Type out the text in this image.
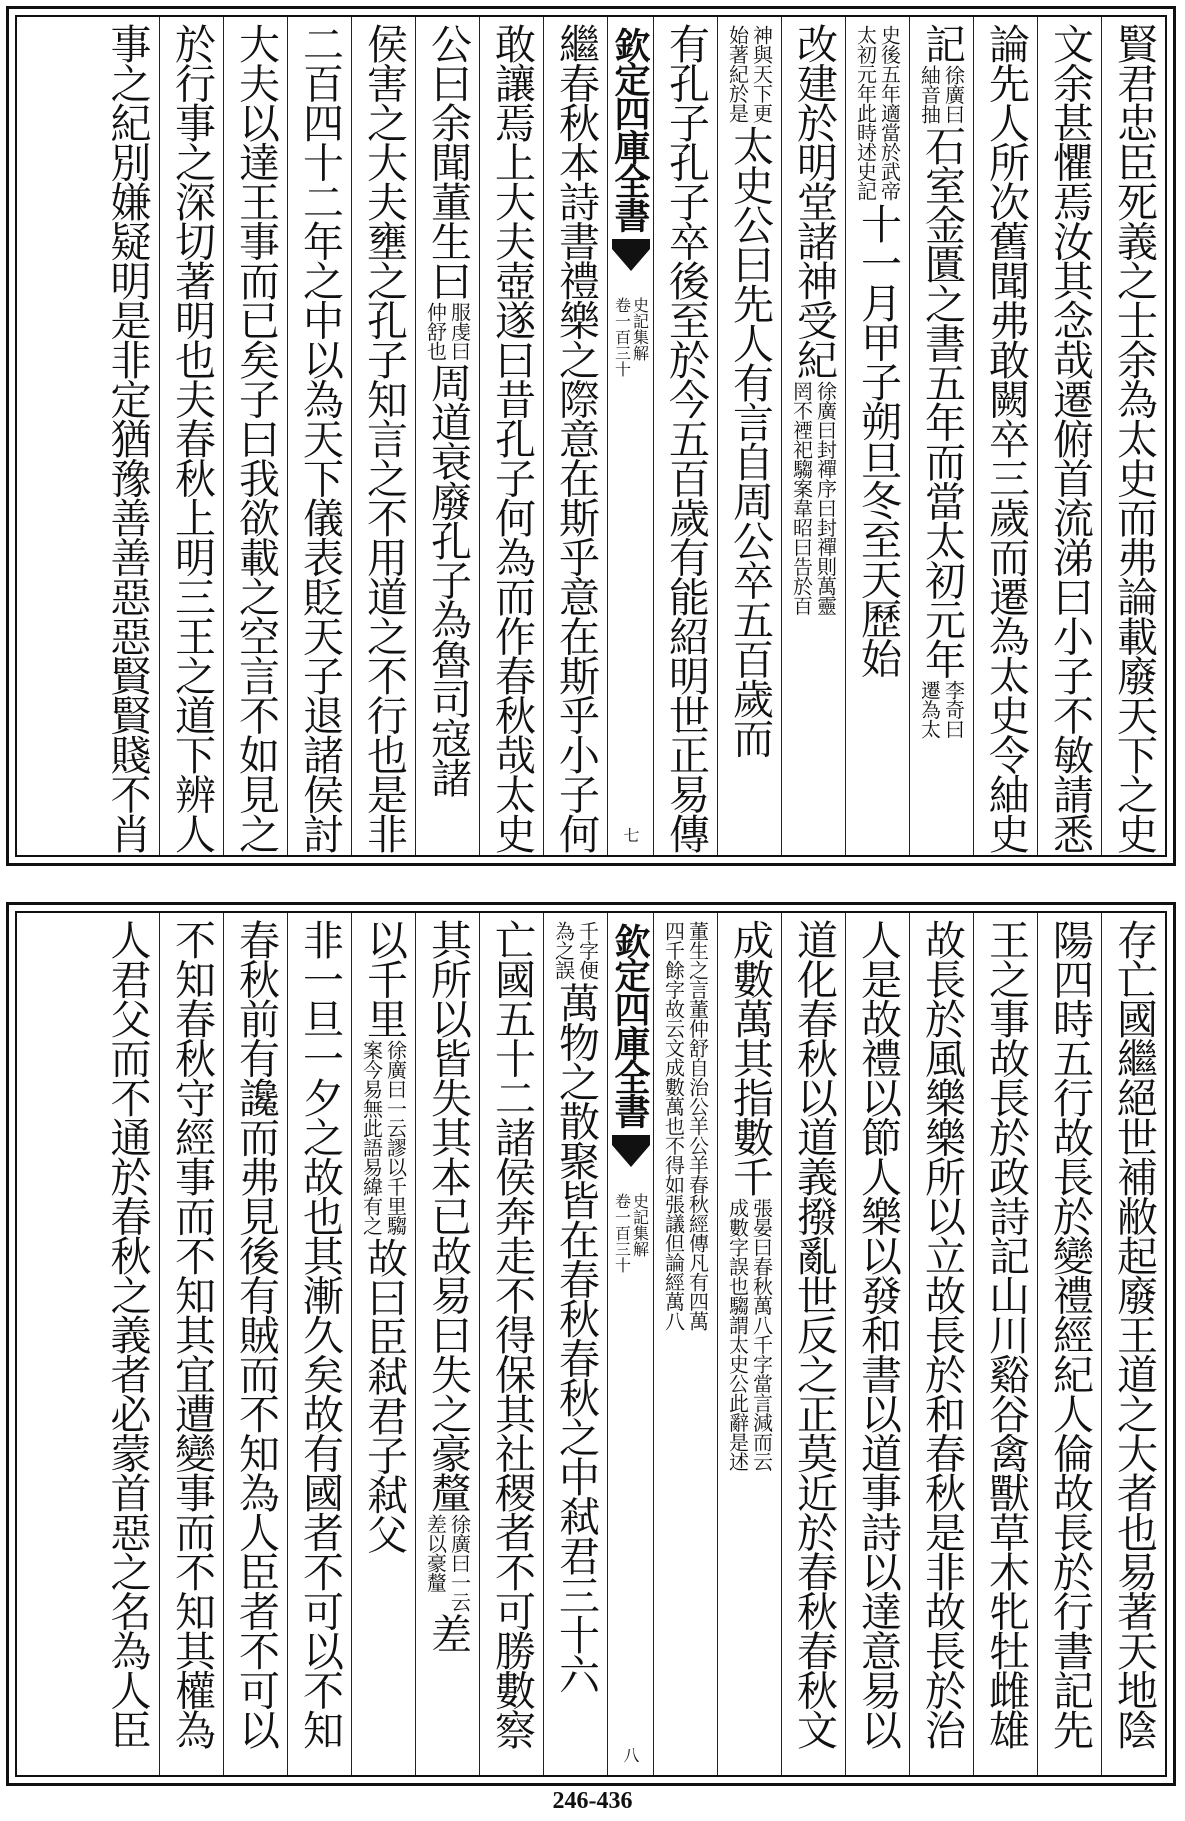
賢君忠臣死義之士余為太史而弗論載廢天下之史
文余甚懼焉汝其念哉遷俯首流涕曰小子不敏請悉
論先人所次舊聞弗敢闕卒三歲而遷為太史令紬史
記
徐廣曰
紬音抽
石室金匱之書五年而當太初元年
李奇曰
遷為太
史後五年適當於武帝
太初元年此時述史記
十一月甲子朔旦冬至天歷始
改建於明堂諸神受紀
徐廣曰封禪序曰封禪則萬靈
罔不禋祀騶案韋昭曰告於百
神與天下更
始著紀於是
太史公曰先人有言自周公卒五百歲而
有孔子孔子卒後至於今五百歲有能紹明世正易傳
欽定四庫全書
史記集解
卷一百三十
七
繼春秋本詩書禮樂之際意在斯乎意在斯乎小子何
敢讓焉上大夫壺遂曰昔孔子何為而作春秋哉太史
公曰余聞董生曰
服虔曰
仲舒也
周道衰廢孔子為魯司寇諸
侯害之大夫壅之孔子知言之不用道之不行也是非
二百四十二年之中以為天下儀表貶天子退諸侯討
大夫以達王事而已矣子曰我欲載之空言不如見之
於行事之深切著明也夫春秋上明三王之道下辨人
事之紀別嫌疑明是非定猶豫善善惡惡賢賢賤不肖
存亡國繼絕世補敝起廢王道之大者也易著天地陰
陽四時五行故長於變禮經紀人倫故長於行書記先
王之事故長於政詩記山川谿谷禽獸草木牝牡雌雄
故長於風樂樂所以立故長於和春秋是非故長於治
人是故禮以節人樂以發和書以道事詩以達意易以
道化春秋以道義撥亂世反之正莫近於春秋春秋文
成數萬其指數千
張晏曰春秋萬八千字當言減而云
成數字誤也騶謂太史公此辭是述
董生之言董仲舒自治公羊公羊春秋經傳凡有四萬
四千餘字故云文成數萬也不得如張議但論經萬八
欽定四庫全書
史記集解
卷一百三十
八
千字便
為之誤
萬物之散聚皆在春秋春秋之中弒君三十六
亡國五十二諸侯奔走不得保其社稷者不可勝數察
其所以皆失其本已故易曰失之豪釐
徐廣曰一云
差以豪釐
差
以千里
徐廣曰一云謬以千里騶
案今易無此語易緯有之
故曰臣弒君子弒父
非一旦一夕之故也其漸久矣故有國者不可以不知
春秋前有讒而弗見後有賊而不知為人臣者不可以
不知春秋守經事而不知其宜遭變事而不知其權為
人君父而不通於春秋之義者必蒙首惡之名為人臣
246-436
